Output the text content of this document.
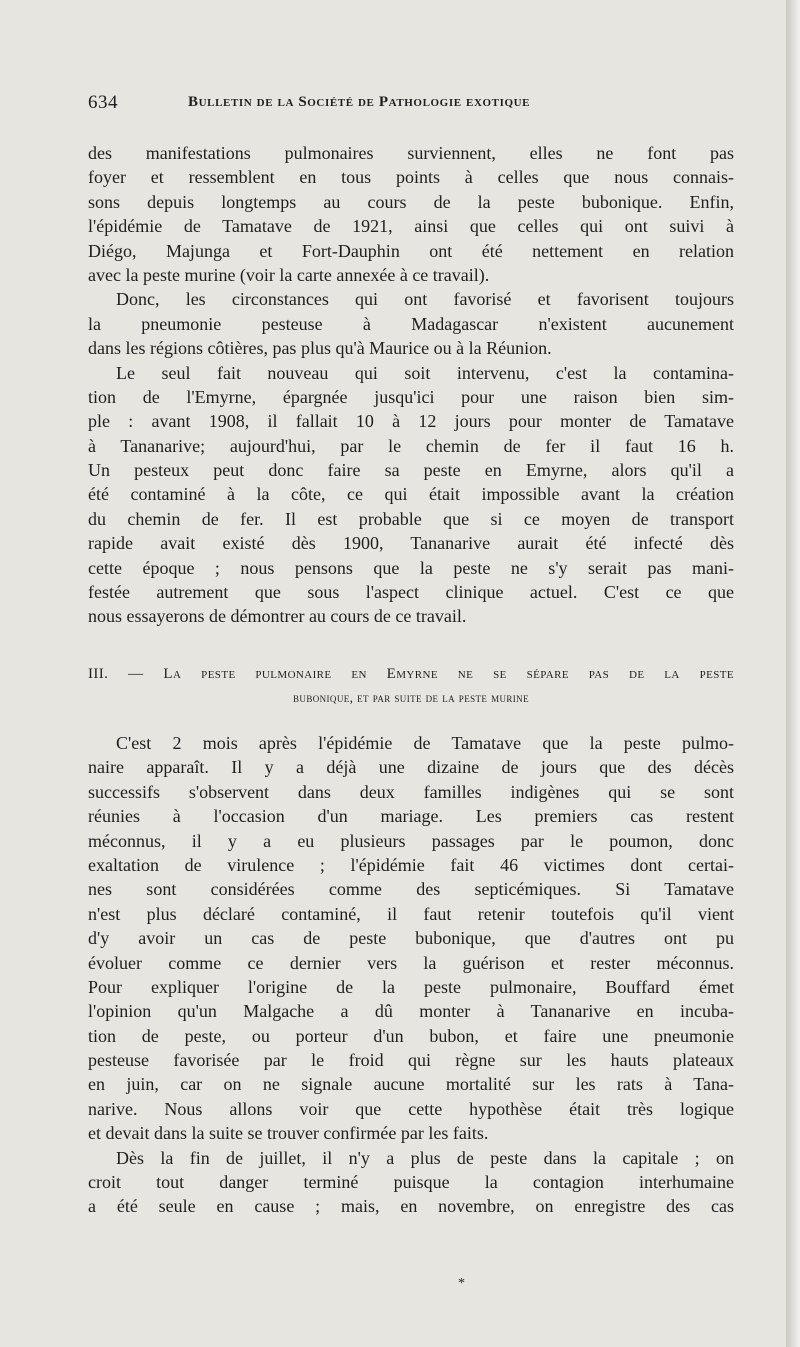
634	Bulletin de la Société de Pathologie exotique
des manifestations pulmonaires surviennent, elles ne font pas
foyer et ressemblent en tous points à celles que nous connais-
sons depuis longtemps au cours de la peste bubonique. Enfin,
l'épidémie de Tamatave de 1921, ainsi que celles qui ont suivi à
Diégo, Majunga et Fort-Dauphin ont été nettement en relation
avec la peste murine (voir la carte annexée à ce travail).
Donc, les circonstances qui ont favorisé et favorisent toujours
la pneumonie pesteuse à Madagascar n'existent aucunement
dans les régions côtières, pas plus qu'à Maurice ou à la Réunion.
Le seul fait nouveau qui soit intervenu, c'est la contamina-
tion de l'Emyrne, épargnée jusqu'ici pour une raison bien sim-
ple : avant 1908, il fallait 10 à 12 jours pour monter de Tamatave
à Tananarive; aujourd'hui, par le chemin de fer il faut 16 h.
Un pesteux peut donc faire sa peste en Emyrne, alors qu'il a
été contaminé à la côte, ce qui était impossible avant la création
du chemin de fer. Il est probable que si ce moyen de transport
rapide avait existé dès 1900, Tananarive aurait été infecté dès
cette époque ; nous pensons que la peste ne s'y serait pas mani-
festée autrement que sous l'aspect clinique actuel. C'est ce que
nous essayerons de démontrer au cours de ce travail.
III. — La peste pulmonaire en Emyrne ne se sépare pas de la peste
bubonique, et par suite de la peste murine
C'est 2 mois après l'épidémie de Tamatave que la peste pulmo-
naire apparaît. Il y a déjà une dizaine de jours que des décès
successifs s'observent dans deux familles indigènes qui se sont
réunies à l'occasion d'un mariage. Les premiers cas restent
méconnus, il y a eu plusieurs passages par le poumon, donc
exaltation de virulence ; l'épidémie fait 46 victimes dont certai-
nes sont considérées comme des septicémiques. Si Tamatave
n'est plus déclaré contaminé, il faut retenir toutefois qu'il vient
d'y avoir un cas de peste bubonique, que d'autres ont pu
évoluer comme ce dernier vers la guérison et rester méconnus.
Pour expliquer l'origine de la peste pulmonaire, Bouffard émet
l'opinion qu'un Malgache a dû monter à Tananarive en incuba-
tion de peste, ou porteur d'un bubon, et faire une pneumonie
pesteuse favorisée par le froid qui règne sur les hauts plateaux
en juin, car on ne signale aucune mortalité sur les rats à Tana-
narive. Nous allons voir que cette hypothèse était très logique
et devait dans la suite se trouver confirmée par les faits.
Dès la fin de juillet, il n'y a plus de peste dans la capitale ; on
croit tout danger terminé puisque la contagion interhumaine
a été seule en cause ; mais, en novembre, on enregistre des cas
*
